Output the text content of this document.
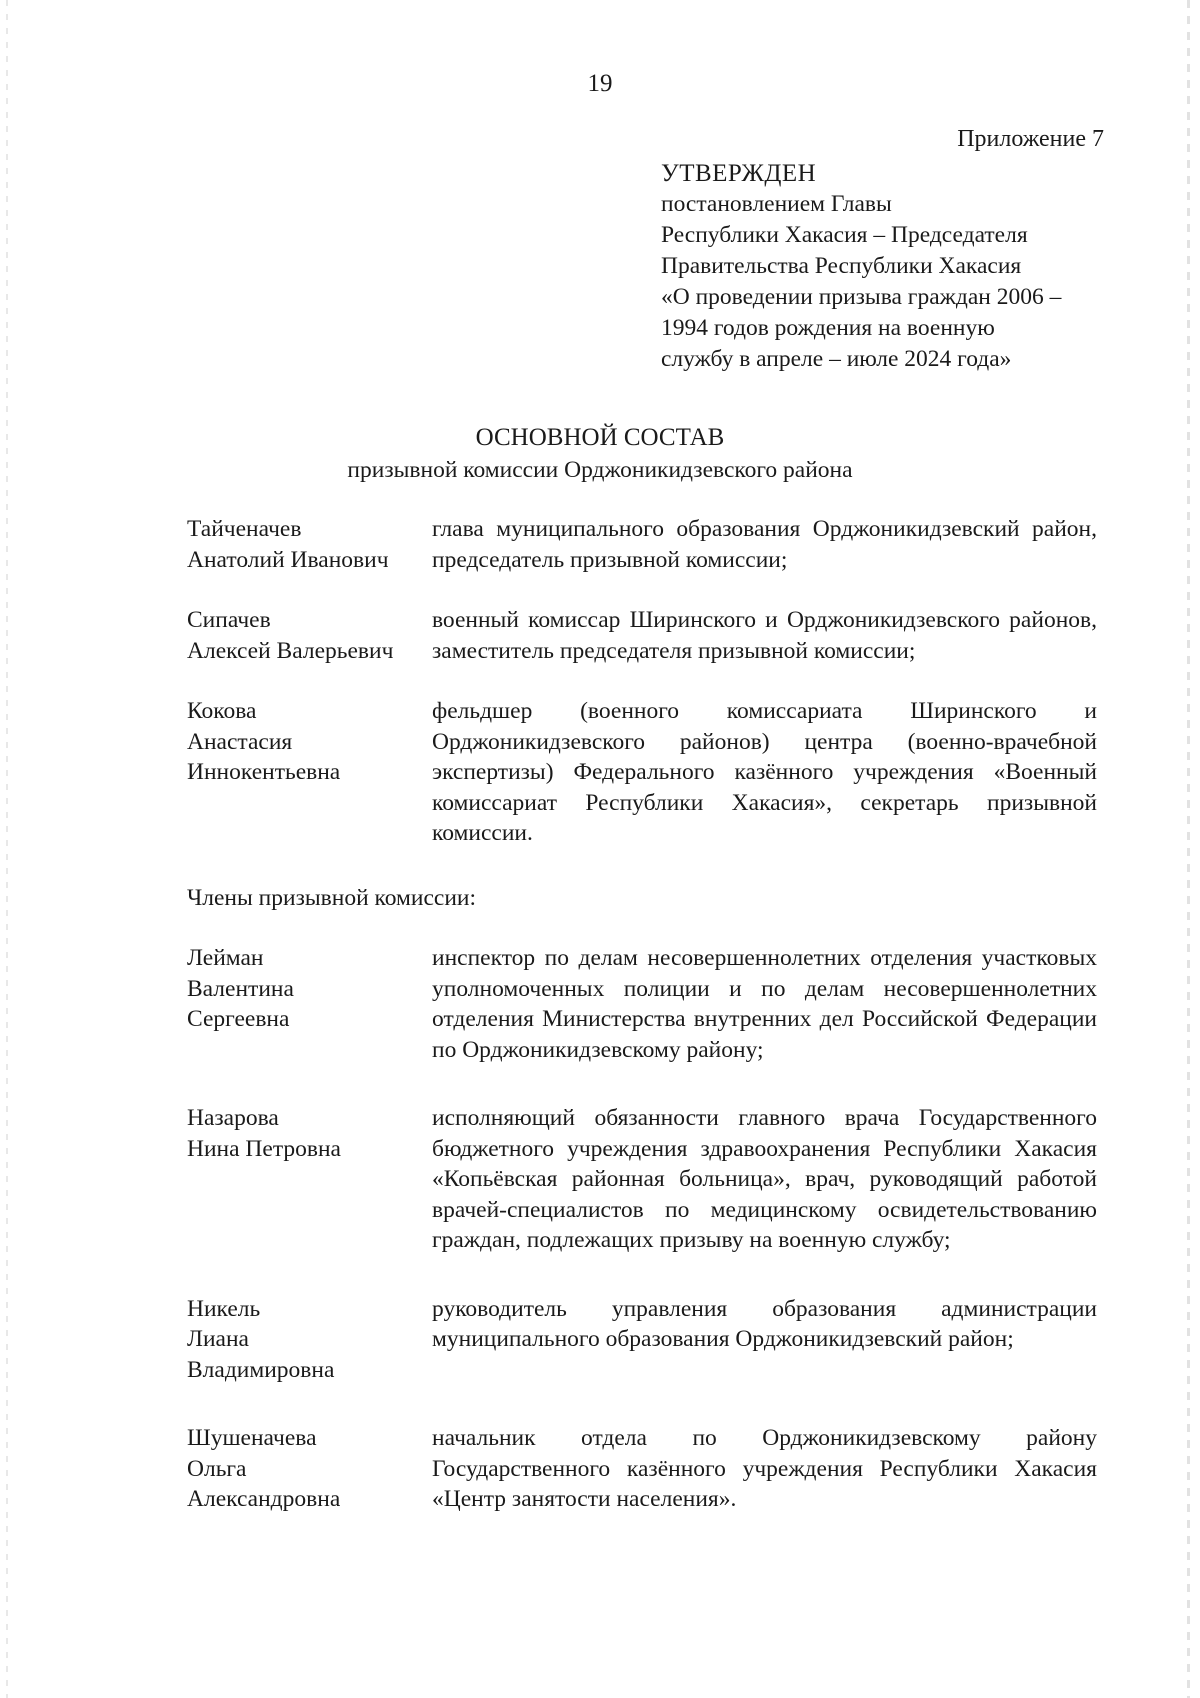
19
Приложение 7
УТВЕРЖДЕН
постановлением Главы
Республики Хакасия – Председателя
Правительства Республики Хакасия
«О проведении призыва граждан 2006 –
1994 годов рождения на военную
службу в апреле – июле 2024 года»
ОСНОВНОЙ СОСТАВ
призывной комиссии Орджоникидзевского района
Тайченачев
Анатолий Иванович
глава муниципального образования Орджоникидзевский район, председатель призывной комиссии;
Сипачев
Алексей Валерьевич
военный комиссар Ширинского и Орджоникидзевского районов, заместитель председателя призывной комиссии;
Кокова
Анастасия
Иннокентьевна
фельдшер (военного комиссариата Ширинского и Орджоникидзевского районов) центра (военно-врачебной экспертизы) Федерального казённого учреждения «Военный комиссариат Республики Хакасия», секретарь призывной комиссии.
Члены призывной комиссии:
Лейман
Валентина
Сергеевна
инспектор по делам несовершеннолетних отделения участковых уполномоченных полиции и по делам несовершеннолетних отделения Министерства внутренних дел Российской Федерации по Орджоникидзевскому району;
Назарова
Нина Петровна
исполняющий обязанности главного врача Государственного бюджетного учреждения здравоохранения Республики Хакасия «Копьёвская районная больница», врач, руководящий работой врачей-специалистов по медицинскому освидетельствованию граждан, подлежащих призыву на военную службу;
Никель
Лиана
Владимировна
руководитель управления образования администрации муниципального образования Орджоникидзевский район;
Шушеначева
Ольга
Александровна
начальник отдела по Орджоникидзевскому району Государственного казённого учреждения Республики Хакасия «Центр занятости населения».
